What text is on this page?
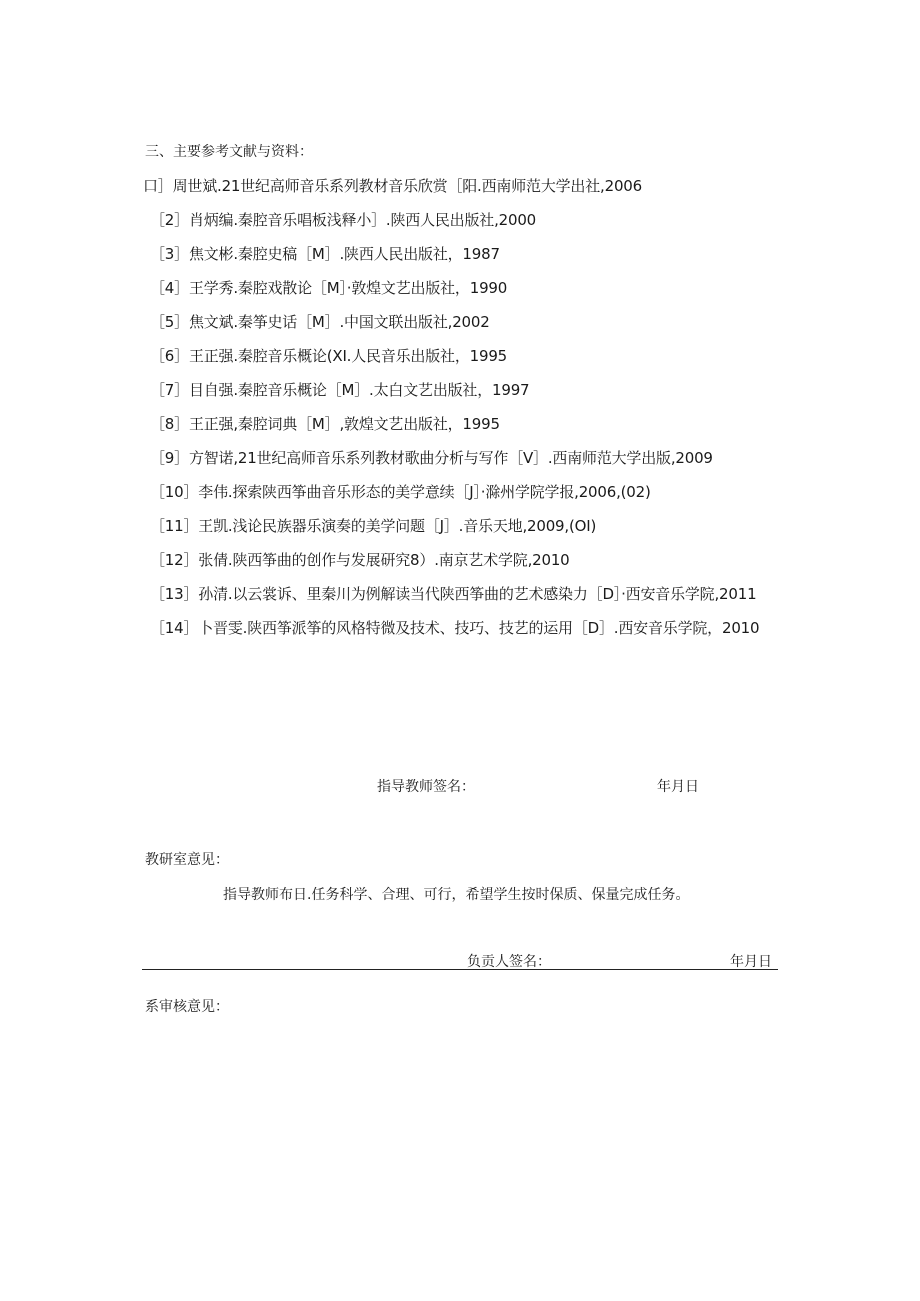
三、主要参考文献与资料：
口］周世斌.21世纪高师音乐系列教材音乐欣赏［阳.西南师范大学出社,2006
［2］肖炳编.秦腔音乐唱板浅释小］.陕西人民出版社,2000
［3］焦文彬.秦腔史稿［M］.陕西人民出版社，1987
［4］王学秀.秦腔戏散论［M］·敦煌文艺出版社，1990
［5］焦文斌.秦筝史话［M］.中国文联出版社,2002
［6］王正强.秦腔音乐概论(XI.人民音乐出版社，1995
［7］目自强.秦腔音乐概论［M］.太白文艺出版社，1997
［8］王正强,秦腔词典［M］,敦煌文艺出版社，1995
［9］方智诺,21世纪高师音乐系列教材歌曲分析与写作［V］.西南师范大学出版,2009
［10］李伟.探索陕西筝曲音乐形态的美学意续［J］·滁州学院学报,2006,(02)
［11］王凯.浅论民族器乐演奏的美学问题［J］.音乐天地,2009,(OI)
［12］张倩.陕西筝曲的创作与发展研究8）.南京艺术学院,2010
［13］孙清.以云裳诉、里秦川为例解读当代陕西筝曲的艺术感染力［D］·西安音乐学院,2011
［14］卜晋雯.陕西筝派筝的风格特微及技术、技巧、技艺的运用［D］.西安音乐学院，2010
指导教师签名：	年月日
教研室意见：
指导教师布日.任务科学、合理、可行，希望学生按时保质、保量完成任务。
负贡人签名：	年月日
系审核意见：
